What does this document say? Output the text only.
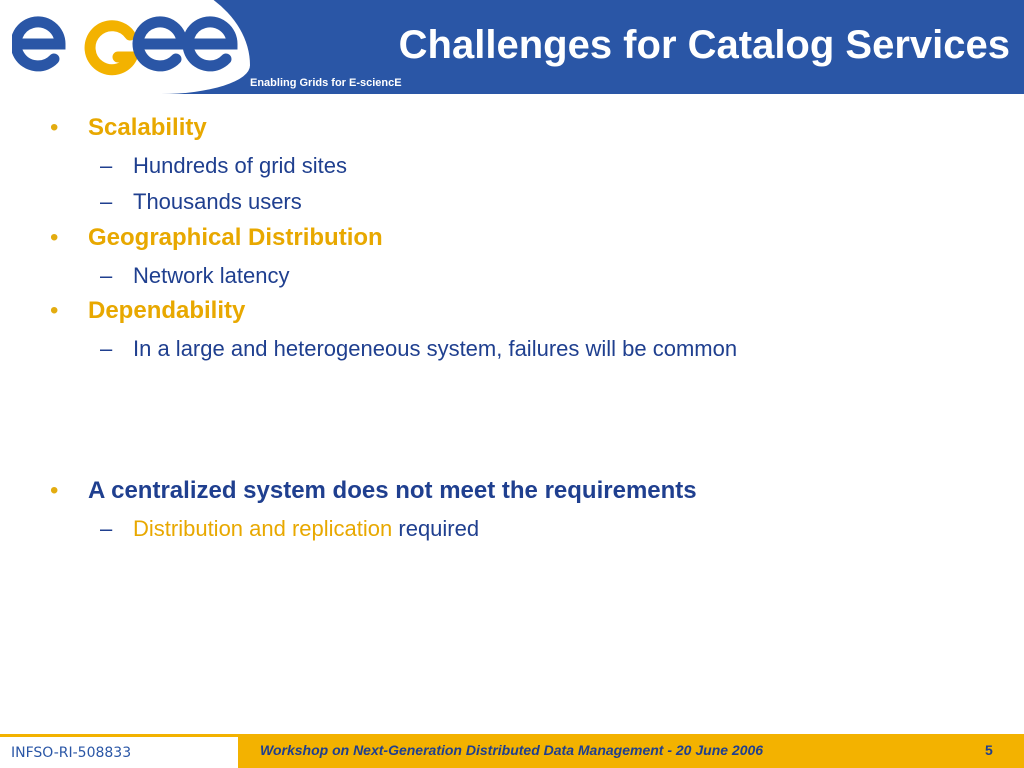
Challenges for Catalog Services
Enabling Grids for E-sciencE
• Scalability
– Hundreds of grid sites
– Thousands users
• Geographical Distribution
– Network latency
• Dependability
– In a large and heterogeneous system, failures will be common
• A centralized system does not meet the requirements
– Distribution and replication required
INFSO-RI-508833	Workshop on Next-Generation Distributed Data Management - 20 June 2006	5
